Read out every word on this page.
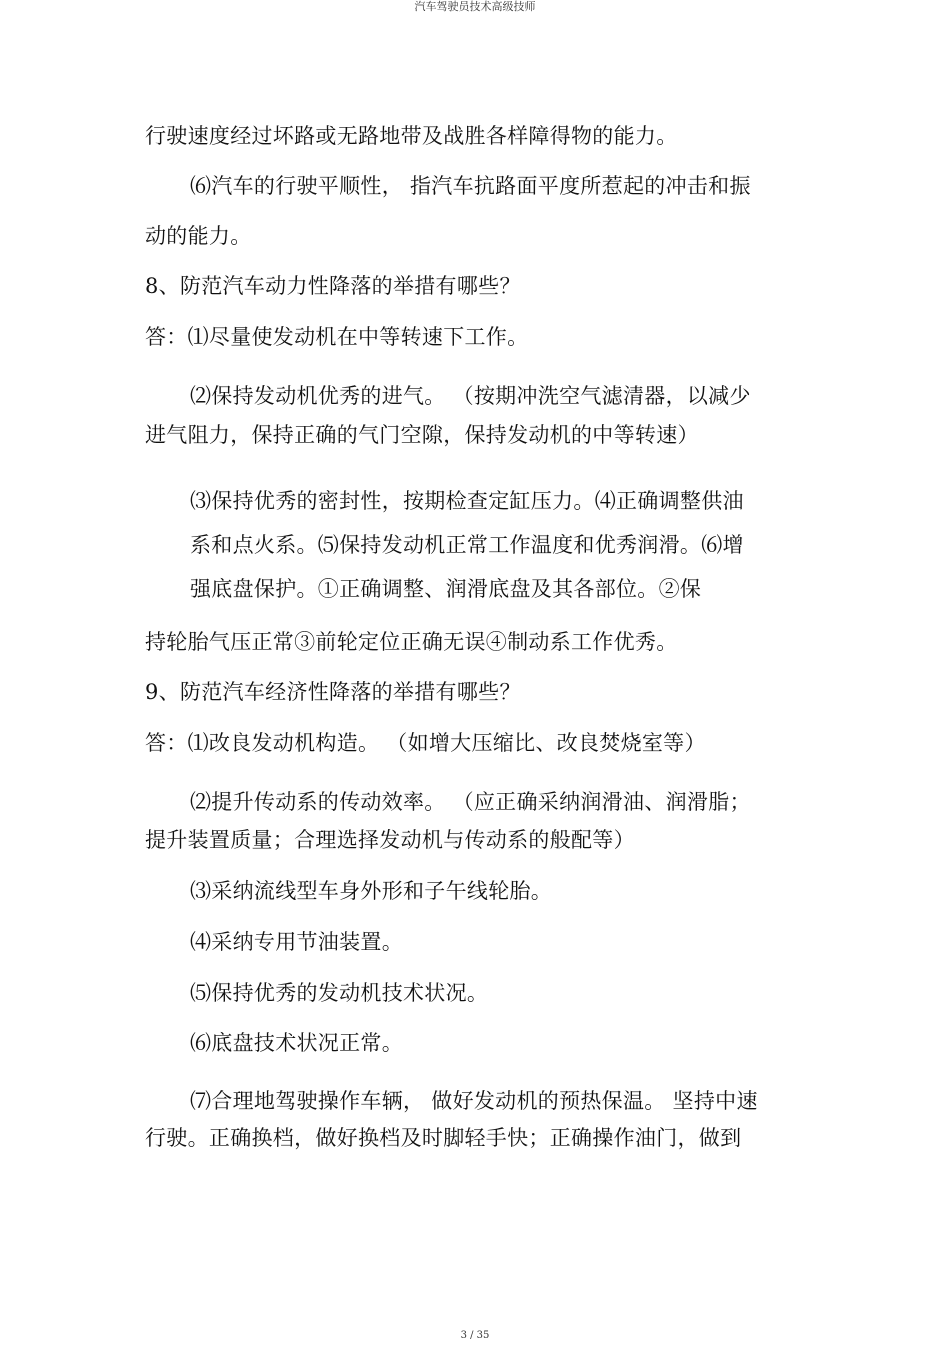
汽车驾驶员技术高级技师
行驶速度经过坏路或无路地带及战胜各样障得物的能力。
⑹汽车的行驶平顺性， 指汽车抗路面平度所惹起的冲击和振
动的能力。
8、防范汽车动力性降落的举措有哪些？
答：⑴尽量使发动机在中等转速下工作。
⑵保持发动机优秀的进气。 （按期冲洗空气滤清器，以减少
进气阻力，保持正确的气门空隙，保持发动机的中等转速）
⑶保持优秀的密封性，按期检查定缸压力。⑷正确调整供油
系和点火系。⑸保持发动机正常工作温度和优秀润滑。⑹增
强底盘保护。①正确调整、润滑底盘及其各部位。②保
持轮胎气压正常③前轮定位正确无误④制动系工作优秀。
9、防范汽车经济性降落的举措有哪些？
答：⑴改良发动机构造。 （如增大压缩比、改良焚烧室等）
⑵提升传动系的传动效率。 （应正确采纳润滑油、润滑脂；
提升装置质量；合理选择发动机与传动系的般配等）
⑶采纳流线型车身外形和子午线轮胎。
⑷采纳专用节油装置。
⑸保持优秀的发动机技术状况。
⑹底盘技术状况正常。
⑺合理地驾驶操作车辆， 做好发动机的预热保温。 坚持中速
行驶。正确换档，做好换档及时脚轻手快；正确操作油门，做到
3 / 35
